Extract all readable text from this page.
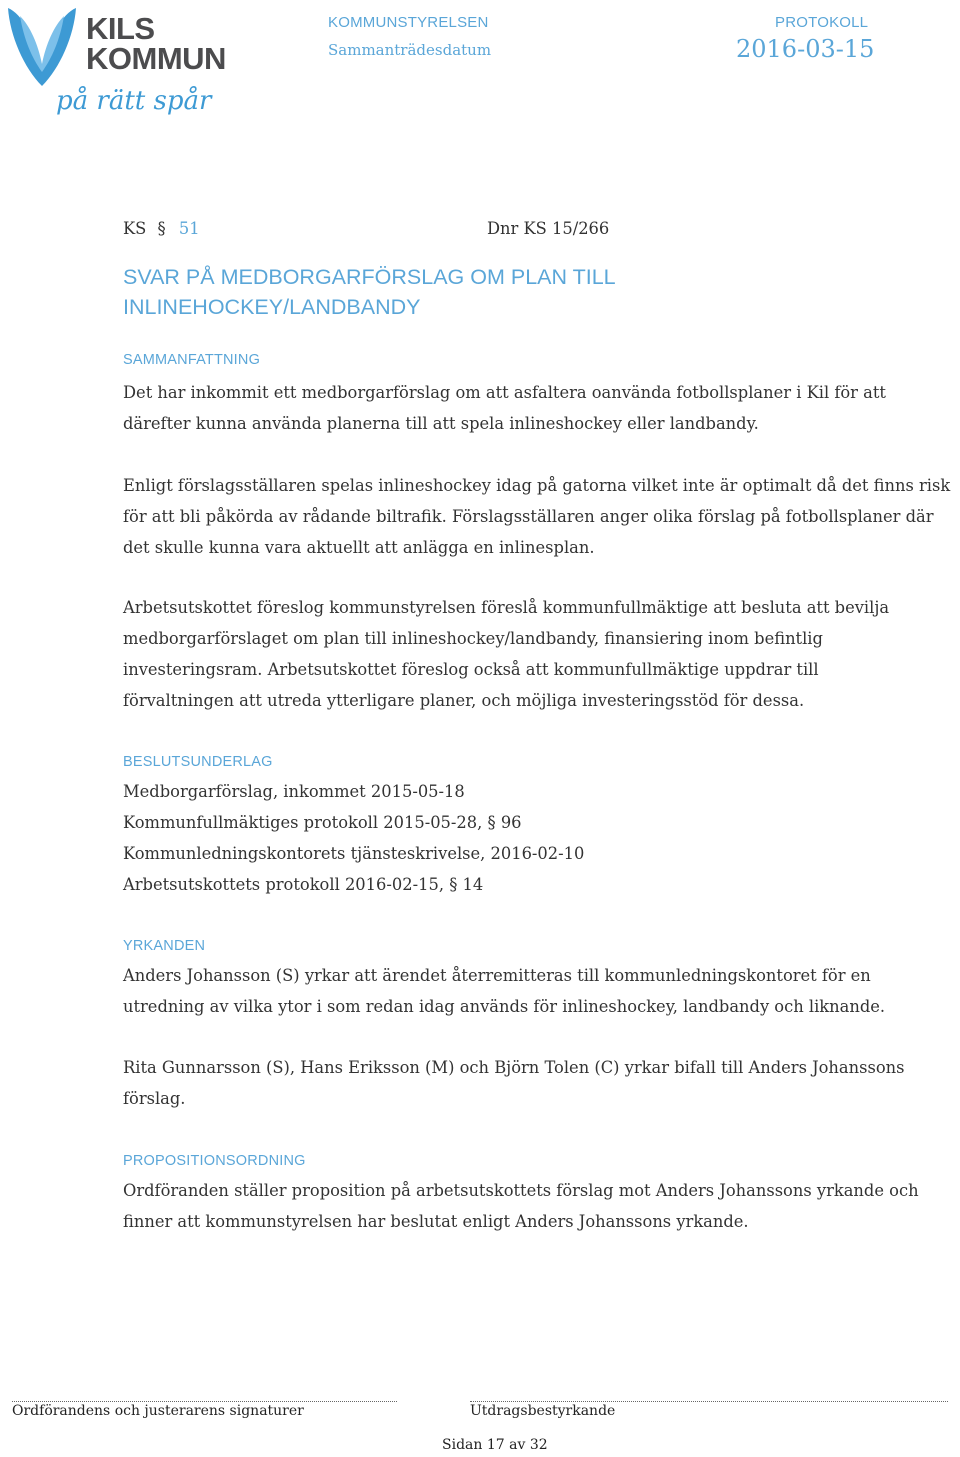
KILS
KOMMUN
på rätt spår
KOMMUNSTYRELSEN
Sammanträdesdatum
PROTOKOLL
2016-03-15
KS § 51	Dnr KS 15/266
SVAR PÅ MEDBORGARFÖRSLAG OM PLAN TILL
INLINEHOCKEY/LANDBANDY
SAMMANFATTNING
Det har inkommit ett medborgarförslag om att asfaltera oanvända fotbollsplaner i Kil för att därefter kunna använda planerna till att spela inlineshockey eller landbandy.
Enligt förslagsställaren spelas inlineshockey idag på gatorna vilket inte är optimalt då det finns risk för att bli påkörda av rådande biltrafik. Förslagsställaren anger olika förslag på fotbollsplaner där det skulle kunna vara aktuellt att anlägga en inlinesplan.
Arbetsutskottet föreslog kommunstyrelsen föreslå kommunfullmäktige att besluta att bevilja medborgarförslaget om plan till inlineshockey/landbandy, finansiering inom befintlig investeringsram. Arbetsutskottet föreslog också att kommunfullmäktige uppdrar till förvaltningen att utreda ytterligare planer, och möjliga investeringsstöd för dessa.
BESLUTSUNDERLAG
Medborgarförslag, inkommet 2015-05-18
Kommunfullmäktiges protokoll 2015-05-28, § 96
Kommunledningskontorets tjänsteskrivelse, 2016-02-10
Arbetsutskottets protokoll 2016-02-15, § 14
YRKANDEN
Anders Johansson (S) yrkar att ärendet återremitteras till kommunledningskontoret för en utredning av vilka ytor i som redan idag används för inlineshockey, landbandy och liknande.
Rita Gunnarsson (S), Hans Eriksson (M) och Björn Tolen (C) yrkar bifall till Anders Johanssons förslag.
PROPOSITIONSORDNING
Ordföranden ställer proposition på arbetsutskottets förslag mot Anders Johanssons yrkande och finner att kommunstyrelsen har beslutat enligt Anders Johanssons yrkande.
Ordförandens och justerarens signaturer	Utdragsbestyrkande
Sidan 17 av 32
